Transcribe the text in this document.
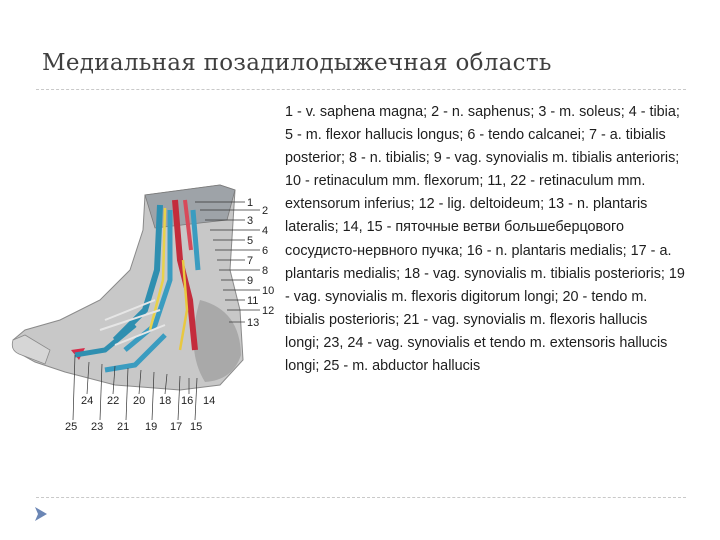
Медиальная позадилодыжечная область
1
2
3
4
5
6
7
8
9
10
11
12
13
24 22 20 18 16 14
25 23 21 19 17 15
1 - v. saphena magna; 2 - n. saphenus; 3 - m. soleus; 4 - tibia; 5 - m. flexor hallucis longus; 6 - tendo calcanei; 7 - a. tibialis posterior; 8 - n. tibialis; 9 - vag. synovialis m. tibialis anterioris; 10 - retinaculum mm. flexorum; 11, 22 - retinaculum mm. extensorum inferius; 12 - lig. deltoideum; 13 - n. plantaris lateralis; 14, 15 - пяточные ветви большеберцового сосудисто-нервного пучка; 16 - n. plantaris medialis; 17 - a. plantaris medialis; 18 - vag. synovialis m. tibialis posterioris; 19 - vag. synovialis m. flexoris digitorum longi; 20 - tendo m. tibialis posterioris; 21 - vag. synovialis m. flexoris hallucis longi; 23, 24 - vag. synovialis et tendo m. extensoris hallucis longi; 25 - m. abductor hallucis
